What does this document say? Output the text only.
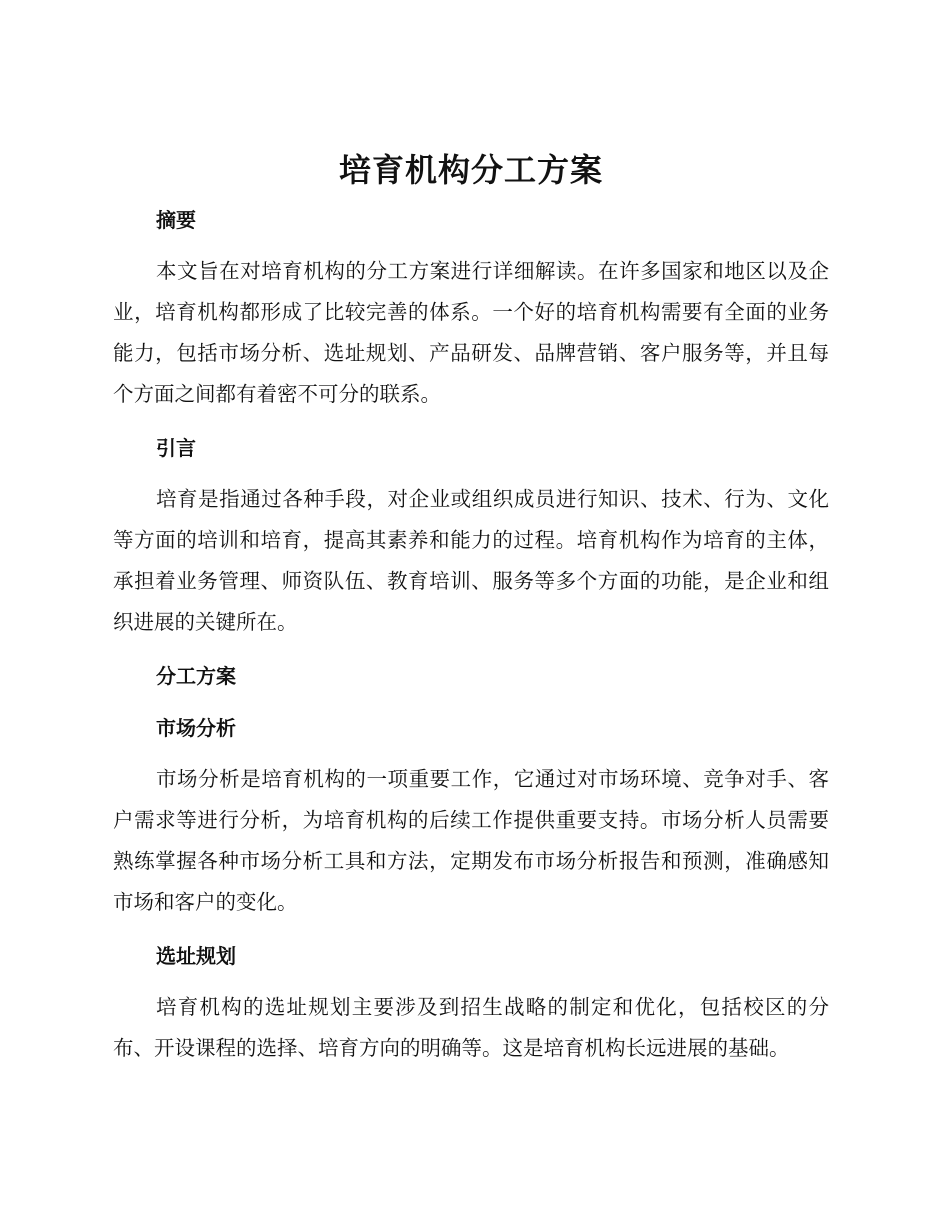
培育机构分工方案
摘要

本文旨在对培育机构的分工方案进行详细解读。在许多国家和地区以及企业，培育机构都形成了比较完善的体系。一个好的培育机构需要有全面的业务能力，包括市场分析、选址规划、产品研发、品牌营销、客户服务等，并且每个方面之间都有着密不可分的联系。

引言

培育是指通过各种手段，对企业或组织成员进行知识、技术、行为、文化等方面的培训和培育，提高其素养和能力的过程。培育机构作为培育的主体，承担着业务管理、师资队伍、教育培训、服务等多个方面的功能，是企业和组织进展的关键所在。

分工方案
市场分析

市场分析是培育机构的一项重要工作，它通过对市场环境、竞争对手、客户需求等进行分析，为培育机构的后续工作提供重要支持。市场分析人员需要熟练掌握各种市场分析工具和方法，定期发布市场分析报告和预测，准确感知市场和客户的变化。

选址规划

培育机构的选址规划主要涉及到招生战略的制定和优化，包括校区的分布、开设课程的选择、培育方向的明确等。这是培育机构长远进展的基础。
